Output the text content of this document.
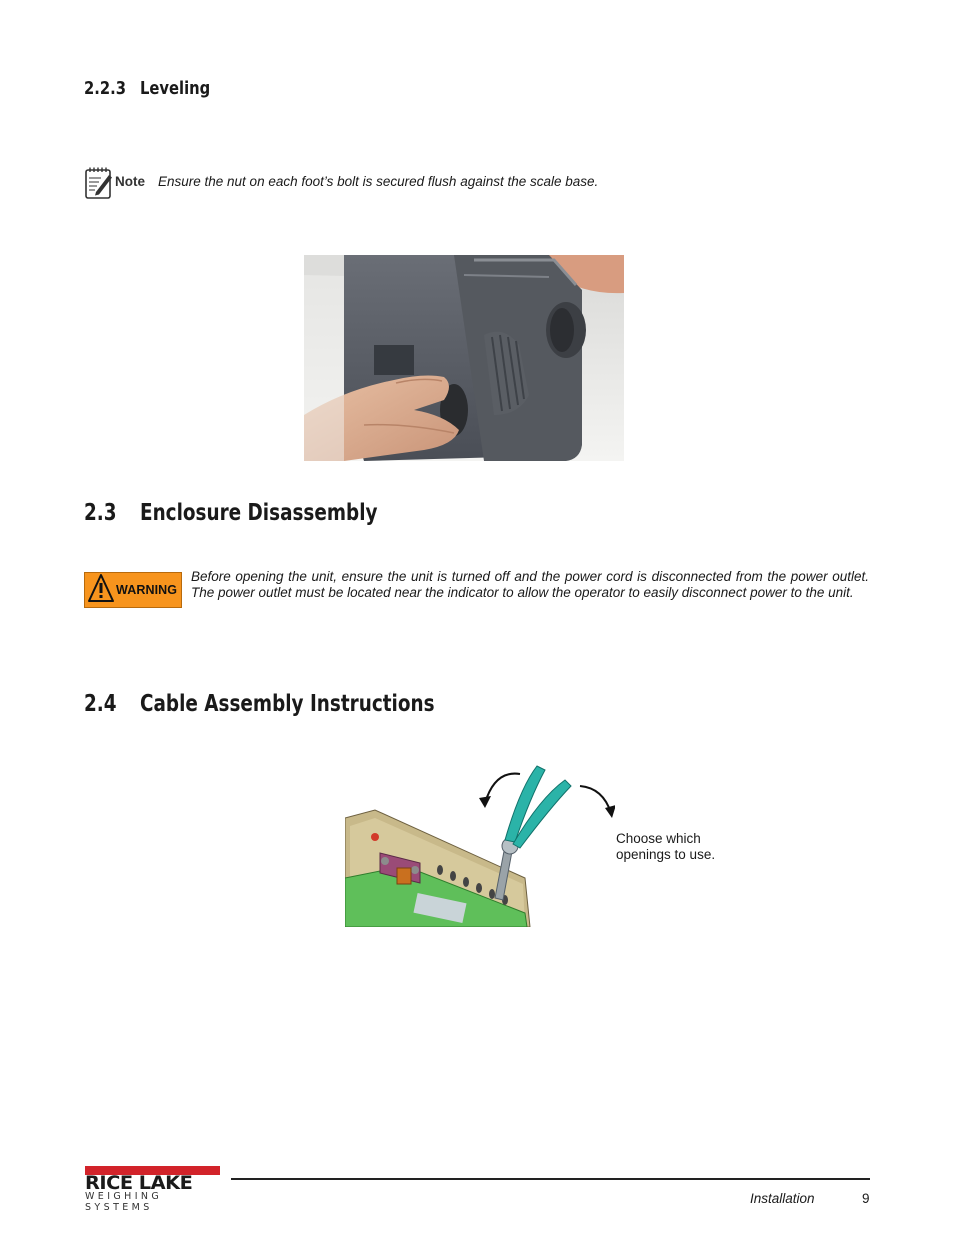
2.2.3 Leveling
Note Ensure the nut on each foot’s bolt is secured flush against the scale base.
2.3 Enclosure Disassembly
WARNING
Before opening the unit, ensure the unit is turned off and the power cord is disconnected from the power outlet. The power outlet must be located near the indicator to allow the operator to easily disconnect power to the unit.
2.4 Cable Assembly Instructions
Choose which openings to use.
RICE LAKE
WEIGHING SYSTEMS
Installation	9
